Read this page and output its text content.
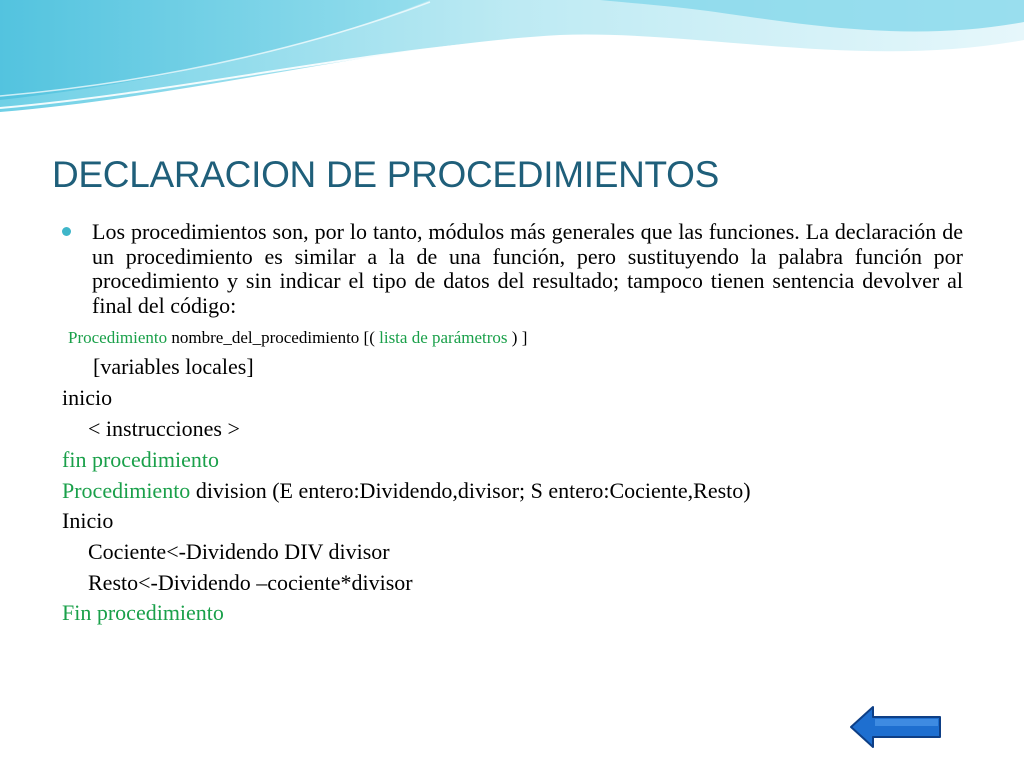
DECLARACION DE PROCEDIMIENTOS

Los procedimientos son, por lo tanto, módulos más generales que las funciones. La declaración de un procedimiento es similar a la de una función, pero sustituyendo la palabra función por procedimiento y sin indicar el tipo de datos del resultado; tampoco tienen sentencia devolver al final del código:

Procedimiento nombre_del_procedimiento [( lista de parámetros ) ]
[variables locales]
inicio
< instrucciones >
fin procedimiento
Procedimiento division (E entero:Dividendo,divisor; S entero:Cociente,Resto)
Inicio
Cociente<-Dividendo DIV divisor
Resto<-Dividendo –cociente*divisor
Fin procedimiento
